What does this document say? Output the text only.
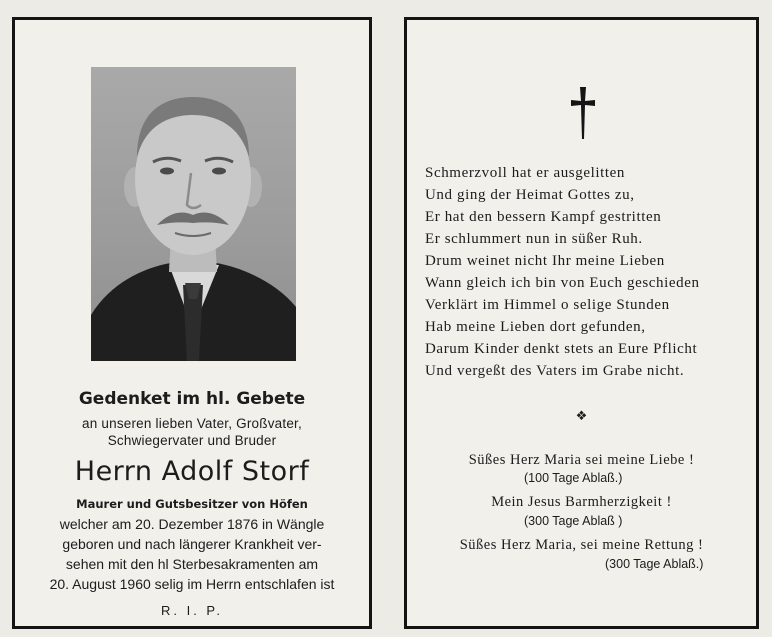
Gedenket im hl. Gebete
an unseren lieben Vater, Großvater,
Schwiegervater und Bruder
Herrn Adolf Storf
Maurer und Gutsbesitzer von Höfen
welcher am 20. Dezember 1876 in Wängle
geboren und nach längerer Krankheit ver-
sehen mit den hl Sterbesakramenten am
20. August 1960 selig im Herrn entschlafen ist
R. I. P.
Schmerzvoll hat er ausgelitten
Und ging der Heimat Gottes zu,
Er hat den bessern Kampf gestritten
Er schlummert nun in süßer Ruh.
Drum weinet nicht Ihr meine Lieben
Wann gleich ich bin von Euch geschieden
Verklärt im Himmel o selige Stunden
Hab meine Lieben dort gefunden,
Darum Kinder denkt stets an Eure Pflicht
Und vergeßt des Vaters im Grabe nicht.
❖
Süßes Herz Maria sei meine Liebe !
(100 Tage Ablaß.)
Mein Jesus Barmherzigkeit !
(300 Tage Ablaß )
Süßes Herz Maria, sei meine Rettung !
(300 Tage Ablaß.)
